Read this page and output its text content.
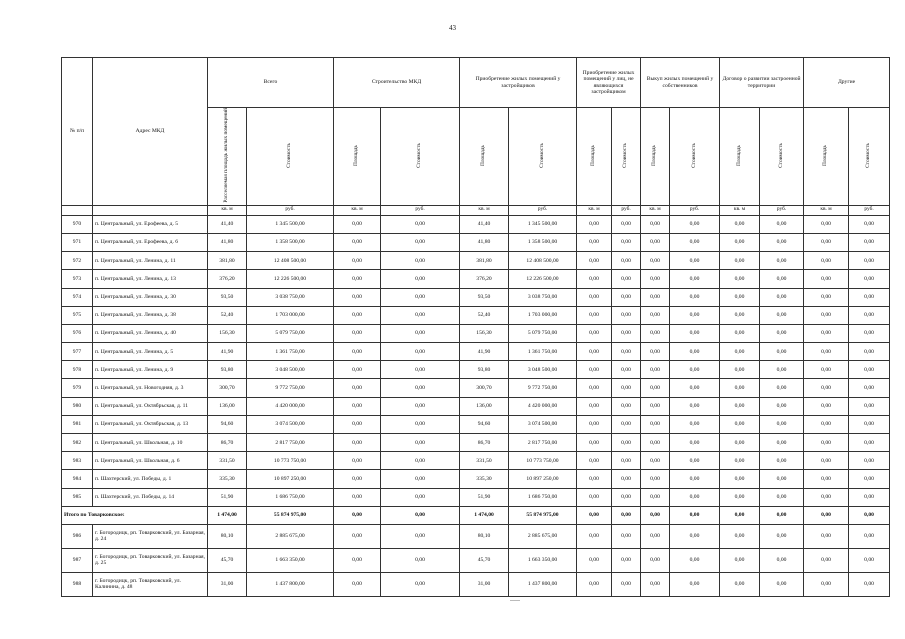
43
№ п/п	Адрес МКД	Всего		Строительство МКД		Приобретение жилых помещений у застройщиков		Приобретение жилых помещений у лиц, не являющихся застройщиком		Выкуп жилых помещений у собственников		Договор о развитии застроенной территории		Другие	
		Расселяемая площадь жилых помещений	Стоимость	Площадь	Стоимость	Площадь	Стоимость	Площадь	Стоимость	Площадь	Стоимость	Площадь	Стоимость	Площадь	Стоимость
		кв. м	руб.	кв. м	руб.	кв. м	руб.	кв. м	руб.	кв. м	руб.	кв. м	руб.	кв. м	руб.
970	п. Центральный, ул. Ерофеева, д. 5	41,40	1 345 500,00	0,00	0,00	41,40	1 345 500,00	0,00	0,00	0,00	0,00	0,00	0,00	0,00	0,00
971	п. Центральный, ул. Ерофеева, д. 6	41,80	1 358 500,00	0,00	0,00	41,80	1 358 500,00	0,00	0,00	0,00	0,00	0,00	0,00	0,00	0,00
972	п. Центральный, ул. Ленина, д. 11	381,80	12 408 500,00	0,00	0,00	381,80	12 408 500,00	0,00	0,00	0,00	0,00	0,00	0,00	0,00	0,00
973	п. Центральный, ул. Ленина, д. 13	376,20	12 226 500,00	0,00	0,00	376,20	12 226 500,00	0,00	0,00	0,00	0,00	0,00	0,00	0,00	0,00
974	п. Центральный, ул. Ленина, д. 30	93,50	3 038 750,00	0,00	0,00	93,50	3 038 750,00	0,00	0,00	0,00	0,00	0,00	0,00	0,00	0,00
975	п. Центральный, ул. Ленина, д. 38	52,40	1 703 000,00	0,00	0,00	52,40	1 703 000,00	0,00	0,00	0,00	0,00	0,00	0,00	0,00	0,00
976	п. Центральный, ул. Ленина, д. 40	156,30	5 079 750,00	0,00	0,00	156,30	5 079 750,00	0,00	0,00	0,00	0,00	0,00	0,00	0,00	0,00
977	п. Центральный, ул. Ленина, д. 5	41,90	1 361 750,00	0,00	0,00	41,90	1 361 750,00	0,00	0,00	0,00	0,00	0,00	0,00	0,00	0,00
978	п. Центральный, ул. Ленина, д. 9	93,80	3 048 500,00	0,00	0,00	93,80	3 048 500,00	0,00	0,00	0,00	0,00	0,00	0,00	0,00	0,00
979	п. Центральный, ул. Новогодняя, д. 3	300,70	9 772 750,00	0,00	0,00	300,70	9 772 750,00	0,00	0,00	0,00	0,00	0,00	0,00	0,00	0,00
980	п. Центральный, ул. Октябрьская, д. 11	136,00	4 420 000,00	0,00	0,00	136,00	4 420 000,00	0,00	0,00	0,00	0,00	0,00	0,00	0,00	0,00
981	п. Центральный, ул. Октябрьская, д. 13	94,60	3 074 500,00	0,00	0,00	94,60	3 074 500,00	0,00	0,00	0,00	0,00	0,00	0,00	0,00	0,00
982	п. Центральный, ул. Школьная, д. 10	86,70	2 817 750,00	0,00	0,00	86,70	2 817 750,00	0,00	0,00	0,00	0,00	0,00	0,00	0,00	0,00
983	п. Центральный, ул. Школьная, д. 6	331,50	10 773 750,00	0,00	0,00	331,50	10 773 750,00	0,00	0,00	0,00	0,00	0,00	0,00	0,00	0,00
984	п. Шахтерский, ул. Победы, д. 1	335,30	10 897 250,00	0,00	0,00	335,30	10 897 250,00	0,00	0,00	0,00	0,00	0,00	0,00	0,00	0,00
985	п. Шахтерский, ул. Победы, д. 14	51,90	1 686 750,00	0,00	0,00	51,90	1 686 750,00	0,00	0,00	0,00	0,00	0,00	0,00	0,00	0,00
Итого по Товарковское:		1 474,00	55 874 975,00	0,00	0,00	1 474,00	55 874 975,00	0,00	0,00	0,00	0,00	0,00	0,00	0,00	0,00
986	г. Богородицк, рп. Товарковский, ул. Базарная, д. 24	80,10	2 885 675,00	0,00	0,00	80,10	2 885 675,00	0,00	0,00	0,00	0,00	0,00	0,00	0,00	0,00
987	г. Богородицк, рп. Товарковский, ул. Базарная, д. 25	45,70	1 663 350,00	0,00	0,00	45,70	1 663 350,00	0,00	0,00	0,00	0,00	0,00	0,00	0,00	0,00
988	г. Богородицк, рп. Товарковский, ул. Калинина, д. 48	31,00	1 437 800,00	0,00	0,00	31,00	1 437 800,00	0,00	0,00	0,00	0,00	0,00	0,00	0,00	0,00
